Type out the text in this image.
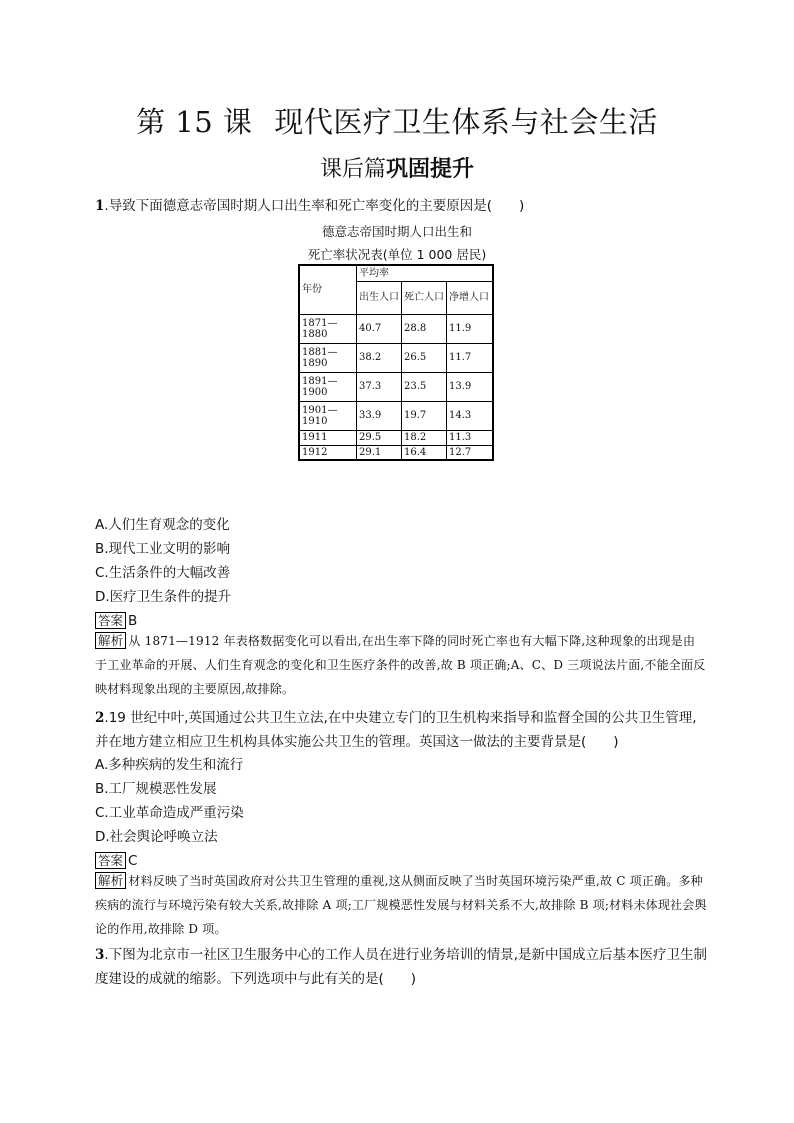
第 15 课 现代医疗卫生体系与社会生活
课后篇巩固提升
1.导致下面德意志帝国时期人口出生率和死亡率变化的主要原因是(　　)
德意志帝国时期人口出生和
死亡率状况表(单位 1 000 居民)
年份	平均率		
	出生人口	死亡人口	净增人口
1871—1880	40.7	28.8	11.9
1881—1890	38.2	26.5	11.7
1891—1900	37.3	23.5	13.9
1901—1910	33.9	19.7	14.3
1911	29.5	18.2	11.3
1912	29.1	16.4	12.7
A.人们生育观念的变化
B.现代工业文明的影响
C.生活条件的大幅改善
D.医疗卫生条件的提升
答案 B
解析 从 1871—1912 年表格数据变化可以看出,在出生率下降的同时死亡率也有大幅下降,这种现象的出现是由于工业革命的开展、人们生育观念的变化和卫生医疗条件的改善,故 B 项正确;A、C、D 三项说法片面,不能全面反映材料现象出现的主要原因,故排除。
2.19 世纪中叶,英国通过公共卫生立法,在中央建立专门的卫生机构来指导和监督全国的公共卫生管理,并在地方建立相应卫生机构具体实施公共卫生的管理。英国这一做法的主要背景是(　　)
A.多种疾病的发生和流行
B.工厂规模恶性发展
C.工业革命造成严重污染
D.社会舆论呼唤立法
答案 C
解析 材料反映了当时英国政府对公共卫生管理的重视,这从侧面反映了当时英国环境污染严重,故 C 项正确。多种疾病的流行与环境污染有较大关系,故排除 A 项;工厂规模恶性发展与材料关系不大,故排除 B 项;材料未体现社会舆论的作用,故排除 D 项。
3.下图为北京市一社区卫生服务中心的工作人员在进行业务培训的情景,是新中国成立后基本医疗卫生制度建设的成就的缩影。下列选项中与此有关的是(　　)
